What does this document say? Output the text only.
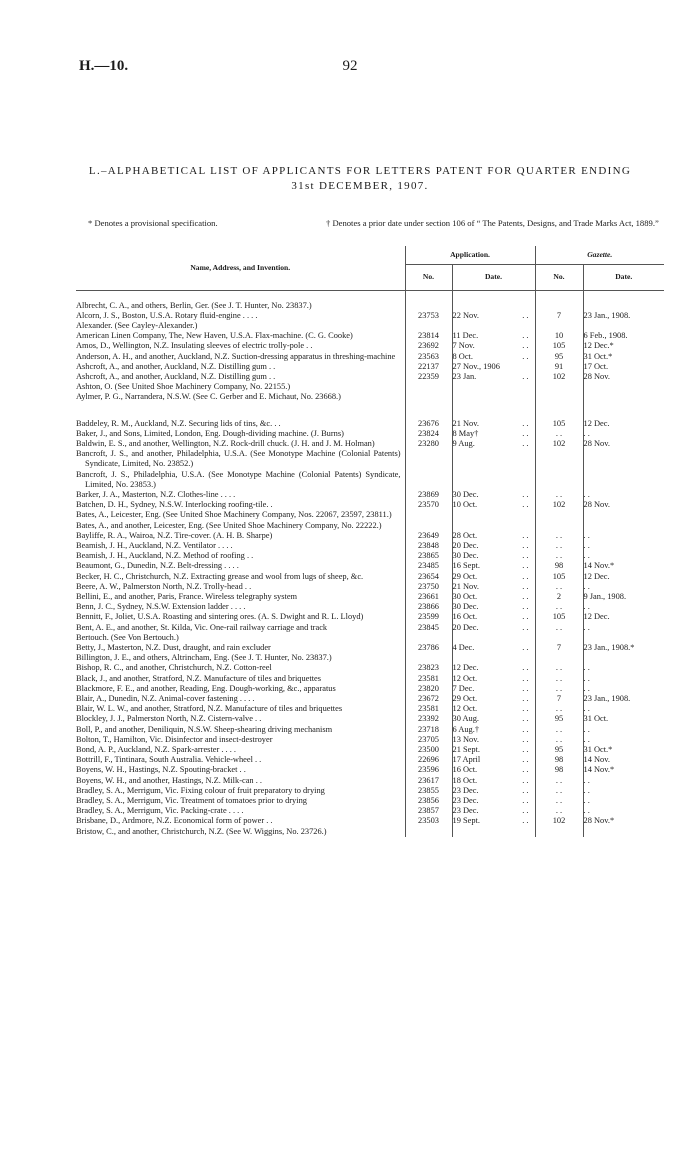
H.—10.	92
L.–ALPHABETICAL LIST OF APPLICANTS FOR LETTERS PATENT FOR QUARTER ENDING
31st DECEMBER, 1907.
* Denotes a provisional specification.	† Denotes a prior date under section 106 of “ The Patents, Designs, and Trade Marks Act, 1889.”
Name, Address, and Invention.	Application.		Gazette.	
	No.	Date.	No.	Date.

Albrecht, C. A., and others, Berlin, Ger. (See J. T. Hunter, No. 23837.)				
Alcorn, J. S., Boston, U.S.A. Rotary fluid-engine . . . .	23753	22 Nov. . .	7	23 Jan., 1908.
Alexander. (See Cayley-Alexander.)				
American Linen Company, The, New Haven, U.S.A. Flax-machine. (C. G. Cooke)	23814	11 Dec. . .	10	6 Feb., 1908.
Amos, D., Wellington, N.Z. Insulating sleeves of electric trolly-pole . .	23692	7 Nov. . .	105	12 Dec.*
Anderson, A. H., and another, Auckland, N.Z. Suction-dressing apparatus in threshing-machine	23563	8 Oct. . .	95	31 Oct.*
Ashcroft, A., and another, Auckland, N.Z. Distilling gum . .	22137	27 Nov., 1906	91	17 Oct.
Ashcroft, A., and another, Auckland, N.Z. Distilling gum . .	22359	23 Jan. . .	102	28 Nov.
Ashton, O. (See United Shoe Machinery Company, No. 22155.)				
Aylmer, P. G., Narrandera, N.S.W. (See C. Gerber and E. Michaut, No. 23668.)				

Baddeley, R. M., Auckland, N.Z. Securing lids of tins, &c. . .	23676	21 Nov. . .	105	12 Dec.
Baker, J., and Sons, Limited, London, Eng. Dough-dividing machine. (J. Burns)	23824	8 May† . .	. .	. .
Baldwin, E. S., and another, Wellington, N.Z. Rock-drill chuck. (J. H. and J. M. Holman)	23280	9 Aug. . .	102	28 Nov.
Bancroft, J. S., and another, Philadelphia, U.S.A. (See Monotype Machine (Colonial Patents) Syndicate, Limited, No. 23852.)				
Bancroft, J. S., Philadelphia, U.S.A. (See Monotype Machine (Colonial Patents) Syndicate, Limited, No. 23853.)				
Barker, J. A., Masterton, N.Z. Clothes-line . . . .	23869	30 Dec. . .	. .	. .
Batchen, D. H., Sydney, N.S.W. Interlocking roofing-tile. .	23570	10 Oct. . .	102	28 Nov.
Bates, A., Leicester, Eng. (See United Shoe Machinery Company, Nos. 22067, 23597, 23811.)				
Bates, A., and another, Leicester, Eng. (See United Shoe Machinery Company, No. 22222.)				
Bayliffe, R. A., Wairoa, N.Z. Tire-cover. (A. H. B. Sharpe)	23649	28 Oct. . .	. .	. .
Beamish, J. H., Auckland, N.Z. Ventilator . . . .	23848	20 Dec. . .	. .	. .
Beamish, J. H., Auckland, N.Z. Method of roofing . .	23865	30 Dec. . .	. .	. .
Beaumont, G., Dunedin, N.Z. Belt-dressing . . . .	23485	16 Sept. . .	98	14 Nov.*
Becker, H. C., Christchurch, N.Z. Extracting grease and wool from lugs of sheep, &c.	23654	29 Oct. . .	105	12 Dec.
Beere, A. W., Palmerston North, N.Z. Trolly-head . .	23750	21 Nov. . .	. .	. .
Bellini, E., and another, Paris, France. Wireless telegraphy system	23661	30 Oct. . .	2	9 Jan., 1908.
Benn, J. C., Sydney, N.S.W. Extension ladder . . . .	23866	30 Dec. . .	. .	. .
Bennitt, F., Joliet, U.S.A. Roasting and sintering ores. (A. S. Dwight and R. L. Lloyd)	23599	16 Oct. . .	105	12 Dec.
Bent, A. E., and another, St. Kilda, Vic. One-rail railway carriage and track	23845	20 Dec. . .	. .	. .
Bertouch. (See Von Bertouch.)				
Betty, J., Masterton, N.Z. Dust, draught, and rain excluder	23786	4 Dec. . .	7	23 Jan., 1908.*
Billington, J. E., and others, Altrincham, Eng. (See J. T. Hunter, No. 23837.)				
Bishop, R. C., and another, Christchurch, N.Z. Cotton-reel	23823	12 Dec. . .	. .	. .
Black, J., and another, Stratford, N.Z. Manufacture of tiles and briquettes	23581	12 Oct. . .	. .	. .
Blackmore, F. E., and another, Reading, Eng. Dough-working, &c., apparatus	23820	7 Dec. . .	. .	. .
Blair, A., Dunedin, N.Z. Animal-cover fastening . . . .	23672	29 Oct. . .	7	23 Jan., 1908.
Blair, W. L. W., and another, Stratford, N.Z. Manufacture of tiles and briquettes	23581	12 Oct. . .	. .	. .
Blockley, J. J., Palmerston North, N.Z. Cistern-valve . .	23392	30 Aug. . .	95	31 Oct.
Boll, P., and another, Deniliquin, N.S.W. Sheep-shearing driving mechanism	23718	6 Aug.† . .	. .	. .
Bolton, T., Hamilton, Vic. Disinfector and insect-destroyer	23705	13 Nov. . .	. .	. .
Bond, A. P., Auckland, N.Z. Spark-arrester . . . .	23500	21 Sept. . .	95	31 Oct.*
Bottrill, F., Tintinara, South Australia. Vehicle-wheel . .	22696	17 April . .	98	14 Nov.
Boyens, W. H., Hastings, N.Z. Spouting-bracket . .	23596	16 Oct. . .	98	14 Nov.*
Boyens, W. H., and another, Hastings, N.Z. Milk-can . .	23617	18 Oct. . .	. .	. .
Bradley, S. A., Merrigum, Vic. Fixing colour of fruit preparatory to drying	23855	23 Dec. . .	. .	. .
Bradley, S. A., Merrigum, Vic. Treatment of tomatoes prior to drying	23856	23 Dec. . .	. .	. .
Bradley, S. A., Merrigum, Vic. Packing-crate . . . .	23857	23 Dec. . .	. .	. .
Brisbane, D., Ardmore, N.Z. Economical form of power . .	23503	19 Sept. . .	102	28 Nov.*
Bristow, C., and another, Christchurch, N.Z. (See W. Wiggins, No. 23726.)				
